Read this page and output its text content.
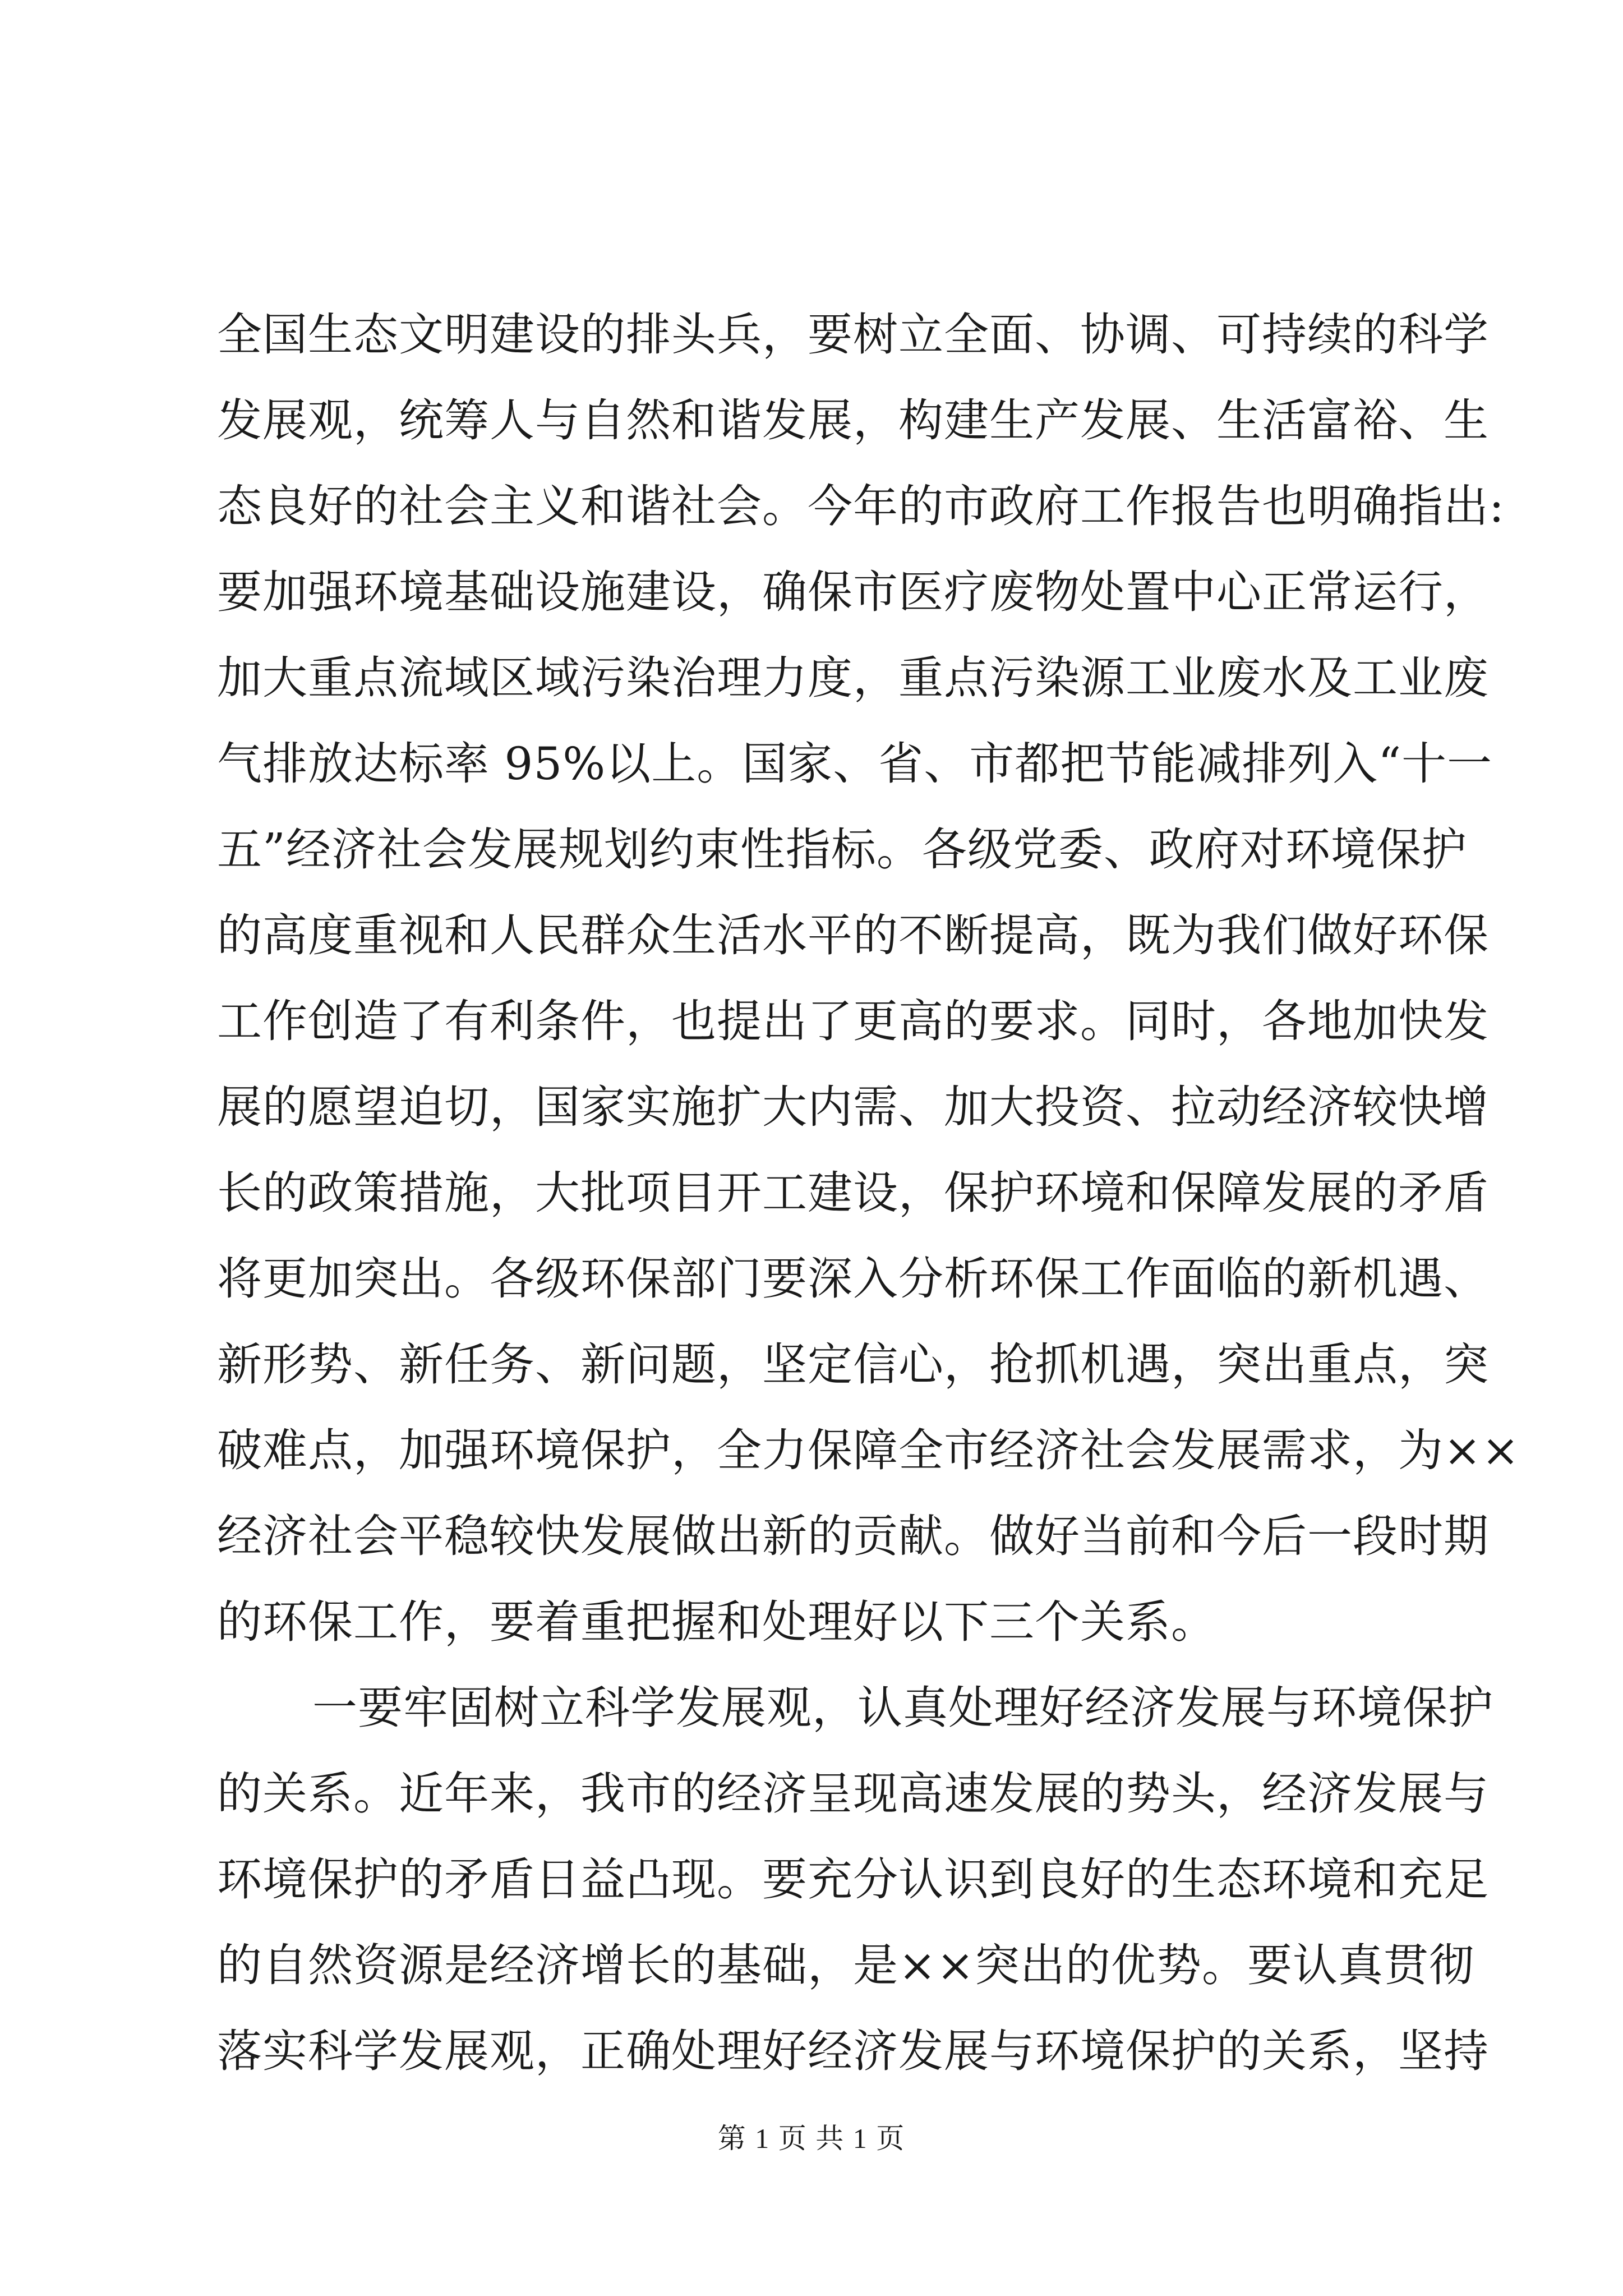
全国生态文明建设的排头兵，要树立全面、协调、可持续的科学
发展观，统筹人与自然和谐发展，构建生产发展、生活富裕、生
态良好的社会主义和谐社会。今年的市政府工作报告也明确指出:
要加强环境基础设施建设，确保市医疗废物处置中心正常运行，
加大重点流域区域污染治理力度，重点污染源工业废水及工业废
气排放达标率 95%以上。国家、省、市都把节能减排列入“十一
五”经济社会发展规划约束性指标。各级党委、政府对环境保护
的高度重视和人民群众生活水平的不断提高，既为我们做好环保
工作创造了有利条件，也提出了更高的要求。同时，各地加快发
展的愿望迫切，国家实施扩大内需、加大投资、拉动经济较快增
长的政策措施，大批项目开工建设，保护环境和保障发展的矛盾
将更加突出。各级环保部门要深入分析环保工作面临的新机遇、
新形势、新任务、新问题，坚定信心，抢抓机遇，突出重点，突
破难点，加强环境保护，全力保障全市经济社会发展需求，为××
经济社会平稳较快发展做出新的贡献。做好当前和今后一段时期
的环保工作，要着重把握和处理好以下三个关系。
一要牢固树立科学发展观，认真处理好经济发展与环境保护
的关系。近年来，我市的经济呈现高速发展的势头，经济发展与
环境保护的矛盾日益凸现。要充分认识到良好的生态环境和充足
的自然资源是经济增长的基础，是××突出的优势。要认真贯彻
落实科学发展观，正确处理好经济发展与环境保护的关系，坚持
第 1 页 共 1 页
